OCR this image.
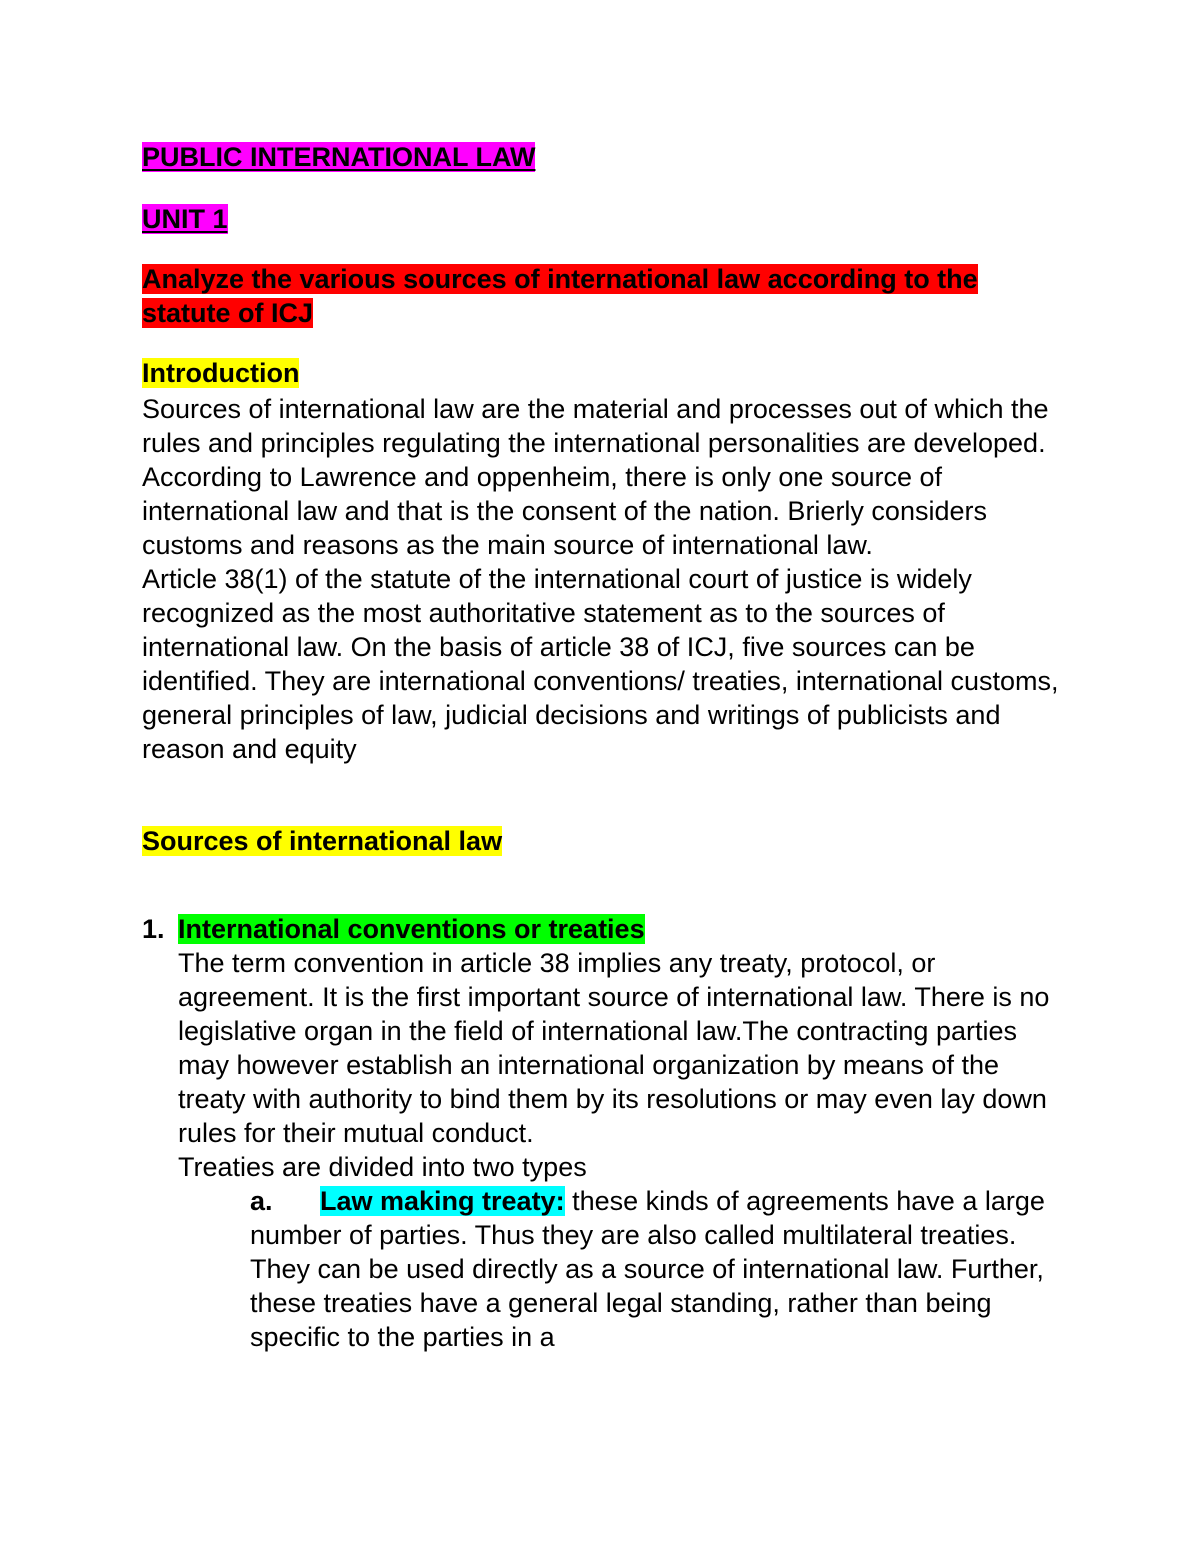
PUBLIC INTERNATIONAL LAW
UNIT 1
Analyze the various sources of international law according to the statute of ICJ
Introduction
Sources of international law are the material and processes out of which the rules and principles regulating the international personalities are developed. According to Lawrence and oppenheim, there is only one source of international law and that is the consent of the nation. Brierly considers customs and reasons as the main source of international law.
Article 38(1) of the statute of the international court of justice is widely recognized as the most authoritative statement as to the sources of international law. On the basis of article 38 of ICJ, five sources can be identified. They are international conventions/ treaties, international customs, general principles of law, judicial decisions and writings of publicists and reason and equity
Sources of international law
1. International conventions or treaties
The term convention in article 38 implies any treaty, protocol, or agreement. It is the first important source of international law. There is no legislative organ in the field of international law.The contracting parties may however establish an international organization by means of the treaty with authority to bind them by its resolutions or may even lay down rules for their mutual conduct.
Treaties are divided into two types
a.	Law making treaty: these kinds of agreements have a large number of parties. Thus they are also called multilateral treaties. They can be used directly as a source of international law. Further, these treaties have a general legal standing, rather than being specific to the parties in a
